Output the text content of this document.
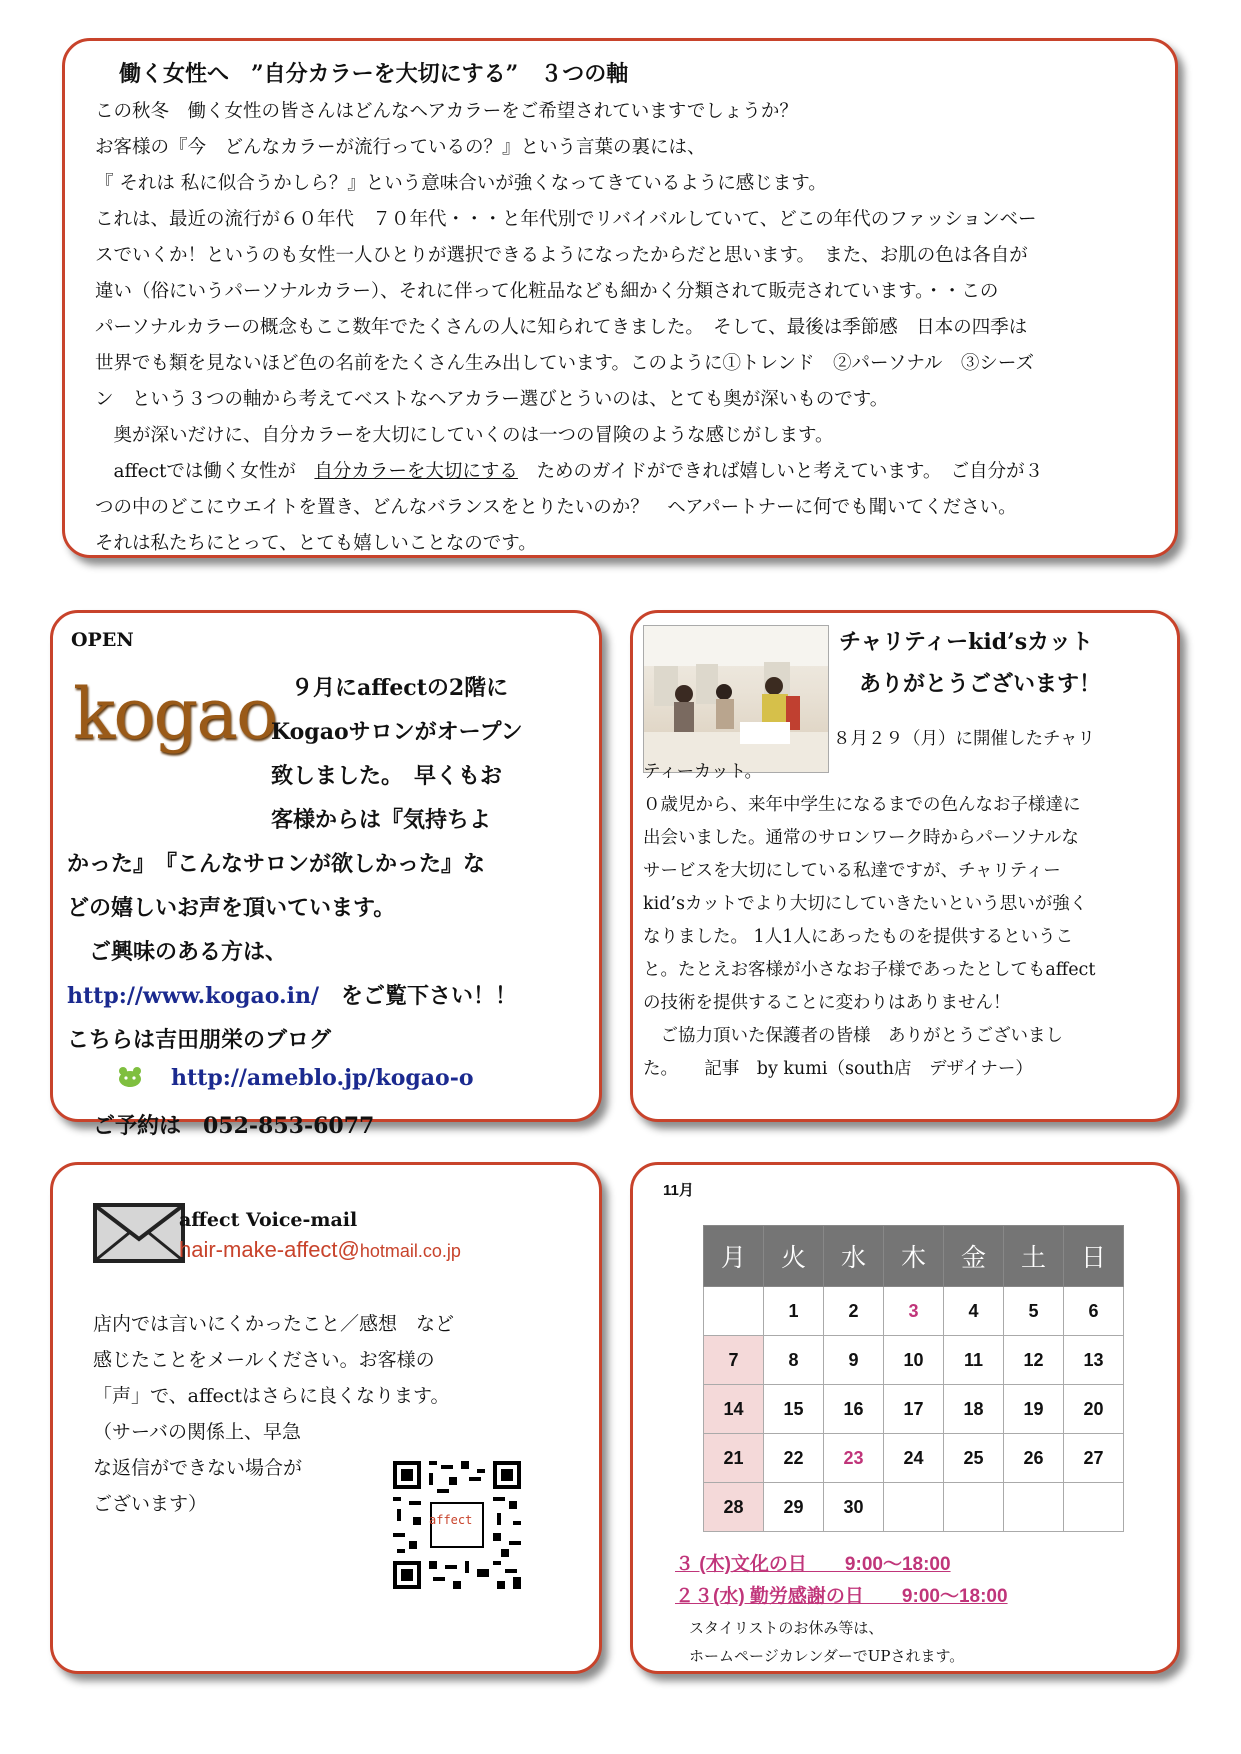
働く女性へ　”自分カラーを大切にする”　３つの軸
この秋冬　働く女性の皆さんはどんなヘアカラーをご希望されていますでしょうか？
お客様の『今　どんなカラーが流行っているの？』という言葉の裏には、
『 それは 私に似合うかしら？』という意味合いが強くなってきているように感じます。
これは、最近の流行が６０年代　７０年代・・・と年代別でリバイバルしていて、どこの年代のファッションベー
スでいくか！というのも女性一人ひとりが選択できるようになったからだと思います。　また、お肌の色は各自が
違い（俗にいうパーソナルカラー）、それに伴って化粧品なども細かく分類されて販売されています。・・この
パーソナルカラーの概念もここ数年でたくさんの人に知られてきました。　そして、最後は季節感　日本の四季は
世界でも類を見ないほど色の名前をたくさん生み出しています。このように①トレンド　②パーソナル　③シーズ
ン　という３つの軸から考えてベストなヘアカラー選びとういのは、とても奥が深いものです。
　奥が深いだけに、自分カラーを大切にしていくのは一つの冒険のような感じがします。
　affectでは働く女性が　自分カラーを大切にする　ためのガイドができれば嬉しいと考えています。　ご自分が３
つの中のどこにウエイトを置き、どんなバランスをとりたいのか？　ヘアパートナーに何でも聞いてください。
それは私たちにとって、とても嬉しいことなのです。
OPEN
kogao ９月にaffectの2階に
Kogaoサロンがオープン
致しました。　早くもお
客様からは『気持ちよ
かった』　『こんなサロンが欲しかった』な
どの嬉しいお声を頂いています。
　ご興味のある方は、
http://www.kogao.in/　をご覧下さい！！
こちらは吉田朋栄のブログ
http://ameblo.jp/kogao-o
ご予約は　052-853-6077
チャリティーkid’sカット
ありがとうございます！
８月２９（月）に開催したチャリ
ティーカット。
０歳児から、来年中学生になるまでの色んなお子様達に
出会いました。通常のサロンワーク時からパーソナルな
サービスを大切にしている私達ですが、チャリティー
kid’sカットでより大切にしていきたいという思いが強く
なりました。 1人1人にあったものを提供するというこ
と。たとえお客様が小さなお子様であったとしてもaffect
の技術を提供することに変わりはありません！
　ご協力頂いた保護者の皆様　ありがとうございまし
た。　　記事　by kumi（south店　デザイナー）
affect Voice-mail
hair-make-affect@hotmail.co.jp
店内では言いにくかったこと／感想　など
感じたことをメールください。お客様の
「声」で、affectはさらに良くなります。
（サーバの関係上、早急
な返信ができない場合が
ございます）
affect
11月
月	火	水	木	金	土	日
	1	2	3	4	5	6
7	8	9	10	11	12	13
14	15	16	17	18	19	20
21	22	23	24	25	26	27
28	29	30				
３ (木)文化の日　　9:00〜18:00
２３(水) 勤労感謝の日　　9:00〜18:00
スタイリストのお休み等は、
ホームページカレンダーでUPされます。
